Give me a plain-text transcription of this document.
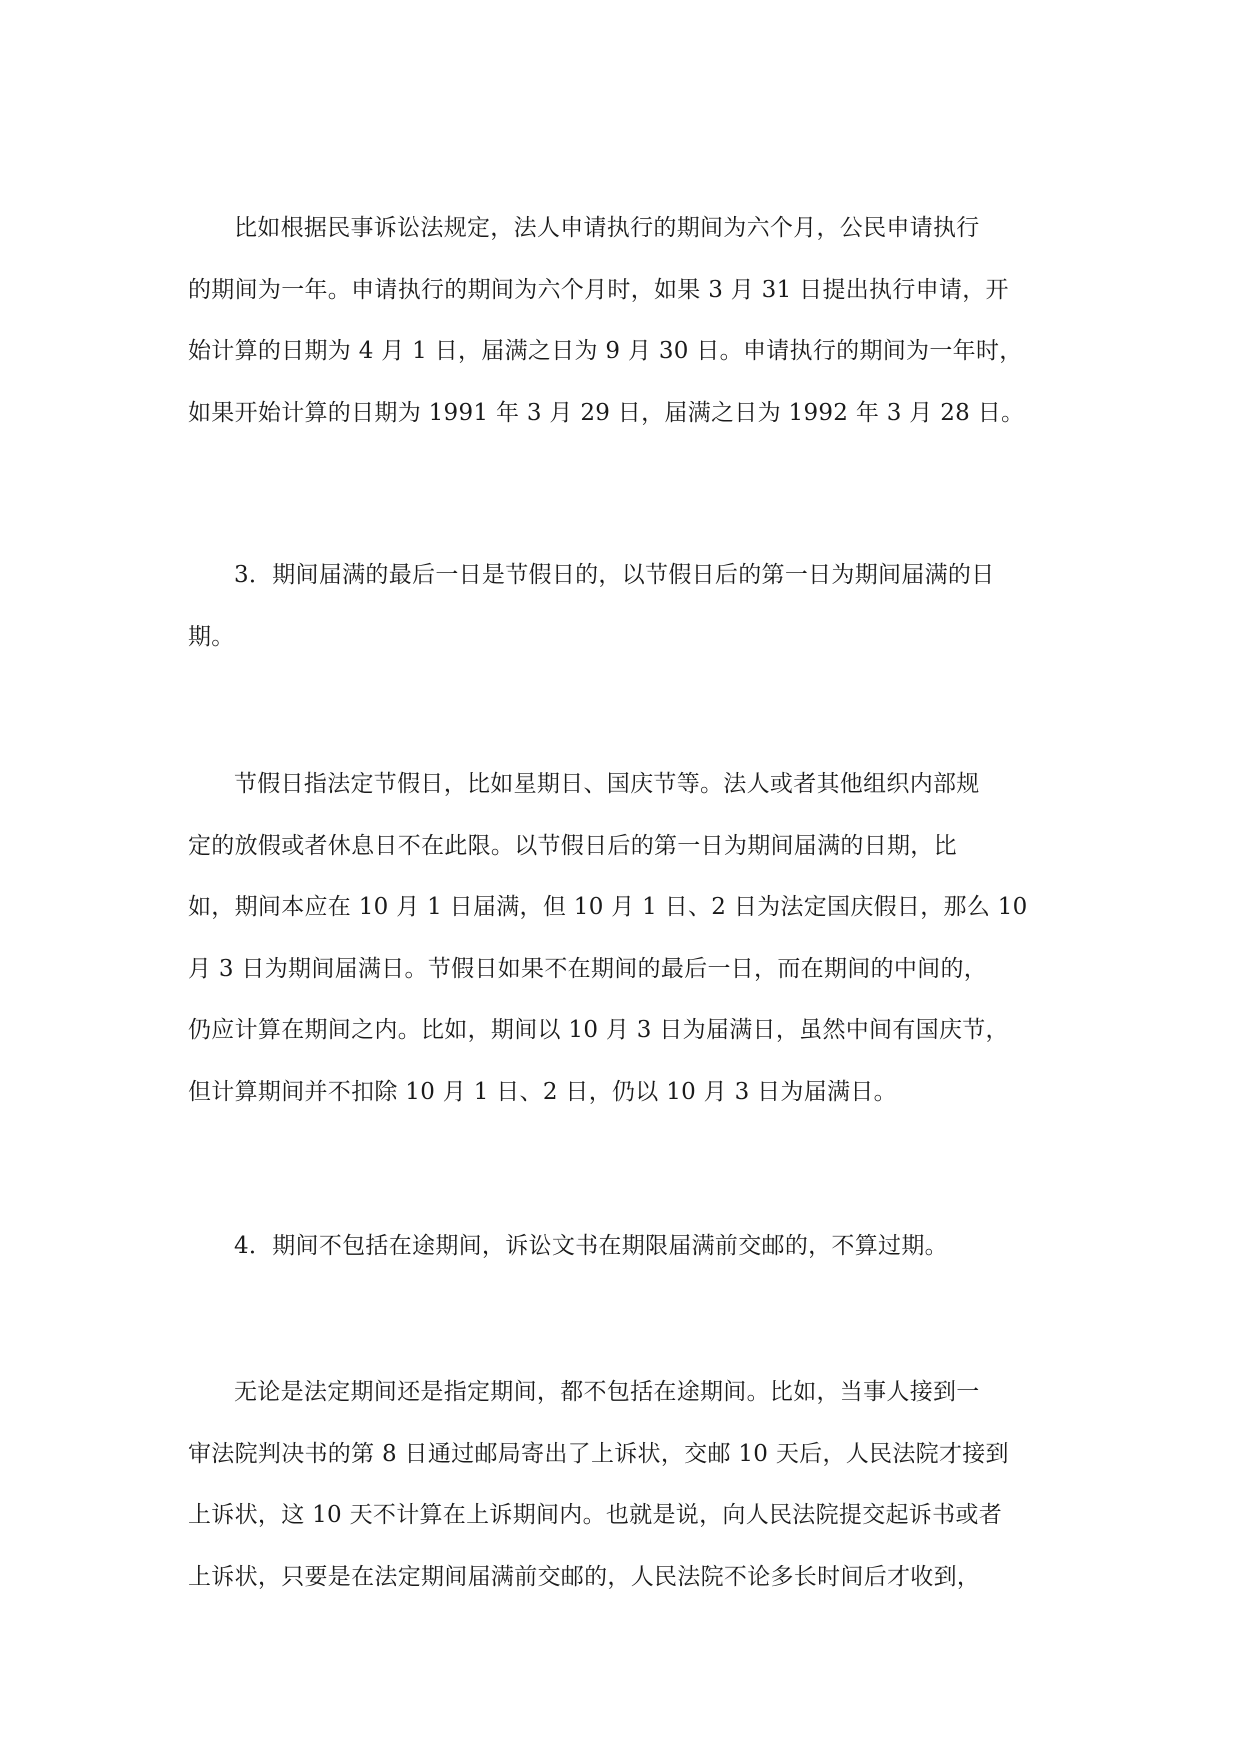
比如根据民事诉讼法规定，法人申请执行的期间为六个月，公民申请执行
的期间为一年。申请执行的期间为六个月时，如果 3 月 31 日提出执行申请，开
始计算的日期为 4 月 1 日，届满之日为 9 月 30 日。申请执行的期间为一年时，
如果开始计算的日期为 1991 年 3 月 29 日，届满之日为 1992 年 3 月 28 日。
3．期间届满的最后一日是节假日的，以节假日后的第一日为期间届满的日
期。
节假日指法定节假日，比如星期日、国庆节等。法人或者其他组织内部规
定的放假或者休息日不在此限。以节假日后的第一日为期间届满的日期，比
如，期间本应在 10 月 1 日届满，但 10 月 1 日、2 日为法定国庆假日，那么 10
月 3 日为期间届满日。节假日如果不在期间的最后一日，而在期间的中间的，
仍应计算在期间之内。比如，期间以 10 月 3 日为届满日，虽然中间有国庆节，
但计算期间并不扣除 10 月 1 日、2 日，仍以 10 月 3 日为届满日。
4．期间不包括在途期间，诉讼文书在期限届满前交邮的，不算过期。
无论是法定期间还是指定期间，都不包括在途期间。比如，当事人接到一
审法院判决书的第 8 日通过邮局寄出了上诉状，交邮 10 天后，人民法院才接到
上诉状，这 10 天不计算在上诉期间内。也就是说，向人民法院提交起诉书或者
上诉状，只要是在法定期间届满前交邮的，人民法院不论多长时间后才收到，
